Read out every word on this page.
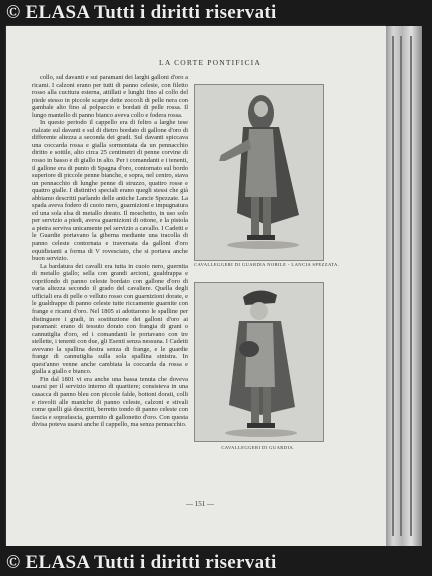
© ELASA Tutti i diritti riservati
LA CORTE PONTIFICIA

collo, sul davanti e sui paramani dei larghi galloni d'oro a ricami. I calzoni erano per tutti di panno celeste, con filetto rosso alla cucitura esterna, attillati e lunghi fino al collo del piede stesso in piccole scarpe dette zoccoli di pelle nera con gambale alto fino al polpaccio e bordati di pelle rossa. Il lungo mantello di panno bianco aveva collo e fodera rossa.

In questo periodo il cappello era di feltro a larghe tese rialzate sul davanti e sul di dietro bordato di gallone d'oro di differente altezza a seconda dei gradi. Sul davanti spiccava una coccarda rossa e gialla sormontata da un pennacchio diritto e sottile, alto circa 25 centimetri di penne corvine di rosso in basso e di giallo in alto. Per i comandanti e i tenenti, il gallone era di punto di Spagna d'oro, contornato sul bordo superiore di piccole penne bianche, e sopra, nel centro, stava un pennacchio di lunghe penne di struzzo, quattro rosse e quattro gialle. I distintivi speciali erano quegli stessi che già abbiamo descritti parlando delle antiche Lancie Spezzate. La spada aveva fodero di cuoio nero, guarnizioni e impugnatura ed una sola elsa di metallo dorato. Il moschetto, in uso solo per servizio a piedi, aveva guarnizioni di ottone, e la pistola a pietra serviva unicamente pel servizio a cavallo. I Cadetti e le Guardie portavano la giberna mediante una tracolla di panno celeste contornata e traversata da galloni d'oro equidistanti a forma di V rovesciato, che si portava anche buon servizio.

La bardatura dei cavalli era tutta in cuoio nero, guernita di metallo giallo; sella con grandi arcioni, gualdrappa e coprifondo di panno celeste bordato con gallone d'oro di varia altezza secondo il grado del cavaliere. Quella degli ufficiali era di pelle o velluto rosso con guarnizioni dorate, e le gualdrappe di panno celeste tutte riccamente guarnite con frange e ricami d'oro. Nel 1805 si adottarono le spalline per distinguere i gradi, in sostituzione dei galloni d'oro ai paramani: erano di tessuto dorato con frangia di grani o cannutiglia d'oro, ed i comandanti le portavano con tre stellette, i tenenti con due, gli Esenti senza nessuna. I Cadetti avevano la spallina destra senza di frange, e le guardie frange di cannutiglia sulla sola spallina sinistra. In quest'anno venne anche cambiata la coccarda da rossa e gialla a giallo e bianco.

Fin dal 1801 vi era anche una bassa tenuta che doveva usarsi per il servizio interno di quartiere; consisteva in una casacca di panno bleu con piccole falde, bottoni dorati, colli e risvolti alle maniche di panno celeste, calzoni e stivali come quelli già descritti, berretto tondo di panno celeste con fascia e soprafascia, guernito di gallonetto d'oro. Con questa divisa poteva usarsi anche il cappello, ma senza pennacchio.

CAVALLEGGERI DI GUARDIA NOBILE - LANCIA SPEZZATA.
CAVALLEGGERI DI GUARDIA.
— 151 —
© ELASA Tutti i diritti riservati
